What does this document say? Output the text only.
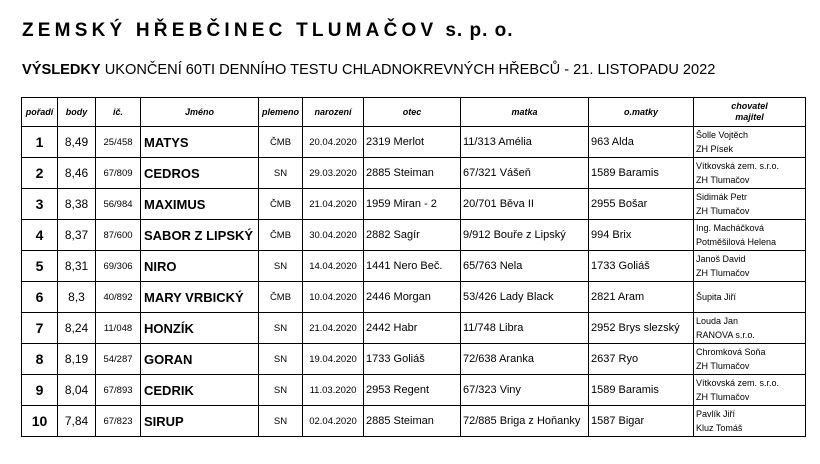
ZEMSKÝ HŘEBČINEC TLUMAČOV s. p. o.
VÝSLEDKY UKONČENÍ 60TI DENNÍHO TESTU CHLADNOKREVNÝCH HŘEBCŮ - 21. LISTOPADU 2022
pořadí	body	ič.	Jméno	plemeno	narození	otec	matka	o.matky	chovatel
majitel
1	8,49	25/458	MATYS	ČMB	20.04.2020	2319 Merlot	11/313 Amélia	963 Alda	Šolle Vojtěch
ZH Písek

2	8,46	67/809	CEDROS	SN	29.03.2020	2885 Steiman	67/321 Vášeň	1589 Baramis	Vítkovská zem. s.r.o.
ZH Tlumačov

3	8,38	56/984	MAXIMUS	ČMB	21.04.2020	1959 Miran - 2	20/701 Běva II	2955 Bošar	Sidimák Petr
ZH Tlumačov

4	8,37	87/600	SABOR Z LIPSKÝ	ČMB	30.04.2020	2882 Sagír	9/912 Bouře z Lipský	994 Brix	Ing. Macháčková
Potměšilová Helena

5	8,31	69/306	NIRO	SN	14.04.2020	1441 Nero Beč.	65/763 Nela	1733 Goliáš	Janoš David
ZH Tlumačov

6	8,3	40/892	MARY VRBICKÝ	ČMB	10.04.2020	2446 Morgan	53/426 Lady Black	2821 Aram	Šupita Jiří

7	8,24	11/048	HONZÍK	SN	21.04.2020	2442 Habr	11/748 Libra	2952 Brys slezský	Louda Jan
RANOVA s.r.o.

8	8,19	54/287	GORAN	SN	19.04.2020	1733 Goliáš	72/638 Aranka	2637 Ryo	Chromková Soňa
ZH Tlumačov

9	8,04	67/893	CEDRIK	SN	11.03.2020	2953 Regent	67/323 Viny	1589 Baramis	Vítkovská zem. s.r.o.
ZH Tlumačov

10	7,84	67/823	SIRUP	SN	02.04.2020	2885 Steiman	72/885 Briga z Hoňanky	1587 Bigar	Pavlík Jiří
Kluz Tomáš
